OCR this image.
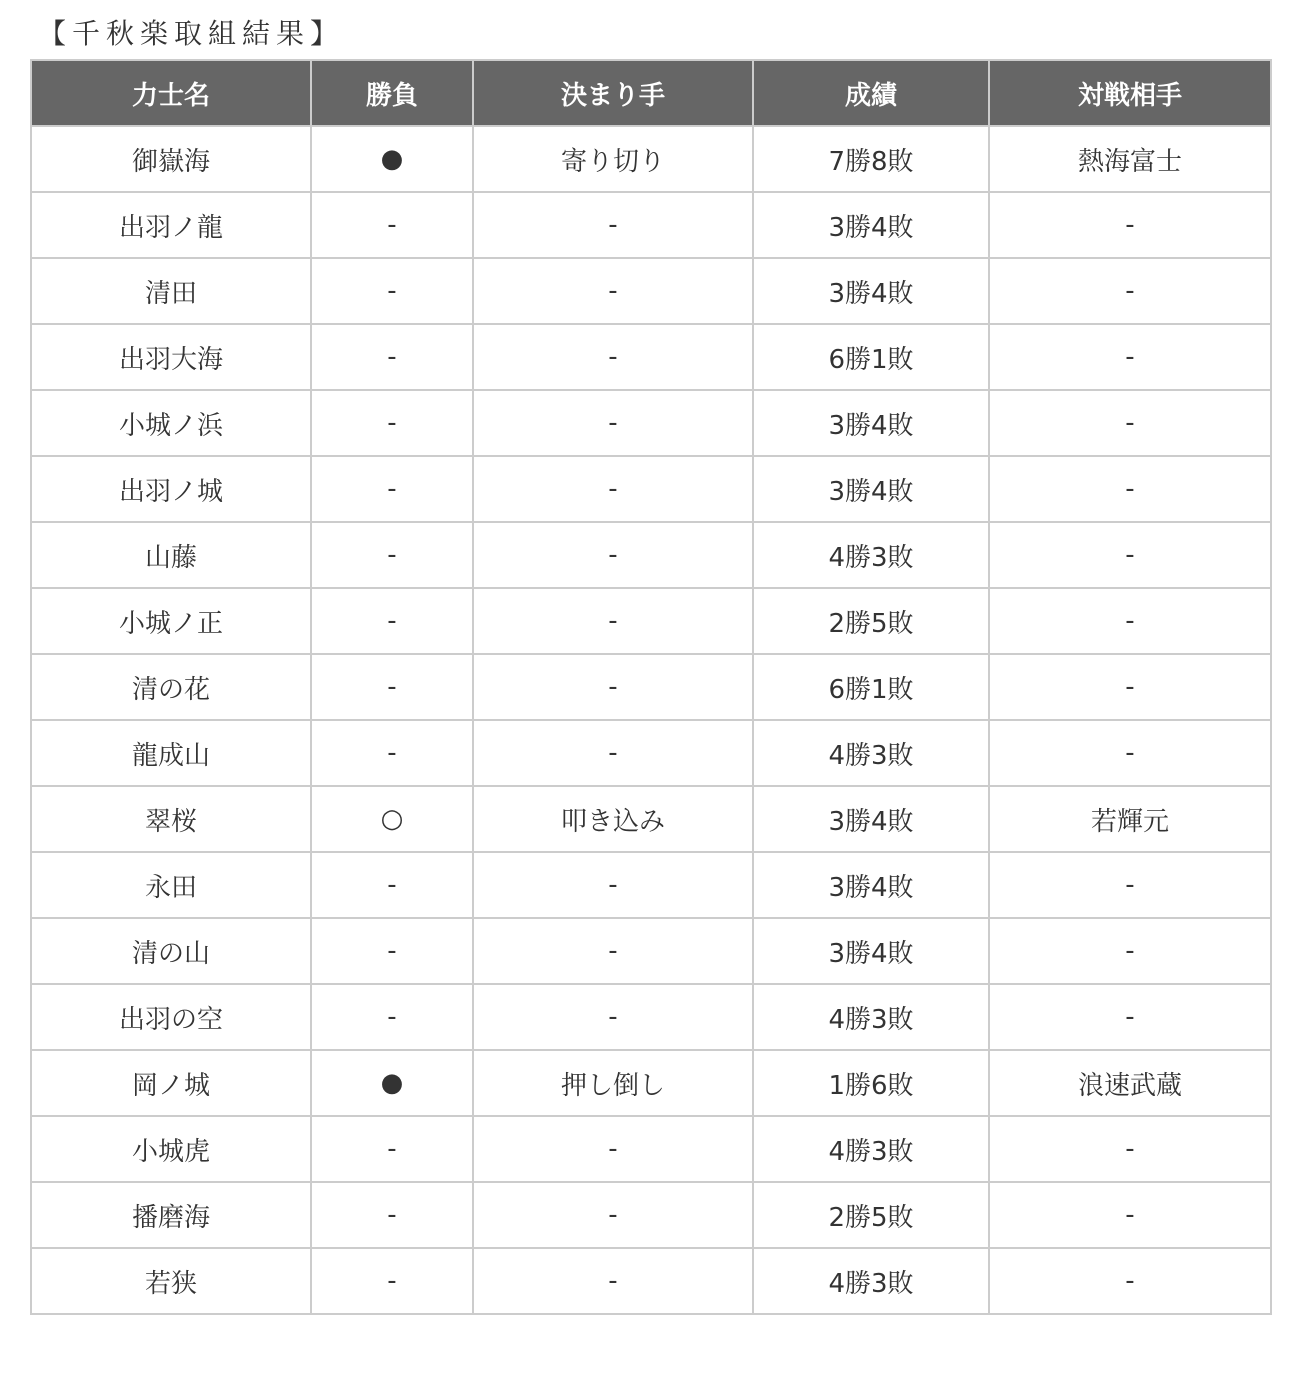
【千秋楽取組結果】
力士名	勝負	決まり手	成績	対戦相手
御嶽海	●	寄り切り	7勝8敗	熱海富士
出羽ノ龍	-	-	3勝4敗	-
清田	-	-	3勝4敗	-
出羽大海	-	-	6勝1敗	-
小城ノ浜	-	-	3勝4敗	-
出羽ノ城	-	-	3勝4敗	-
山藤	-	-	4勝3敗	-
小城ノ正	-	-	2勝5敗	-
清の花	-	-	6勝1敗	-
龍成山	-	-	4勝3敗	-
翠桜	○	叩き込み	3勝4敗	若輝元
永田	-	-	3勝4敗	-
清の山	-	-	3勝4敗	-
出羽の空	-	-	4勝3敗	-
岡ノ城	●	押し倒し	1勝6敗	浪速武蔵
小城虎	-	-	4勝3敗	-
播磨海	-	-	2勝5敗	-
若狭	-	-	4勝3敗	-
